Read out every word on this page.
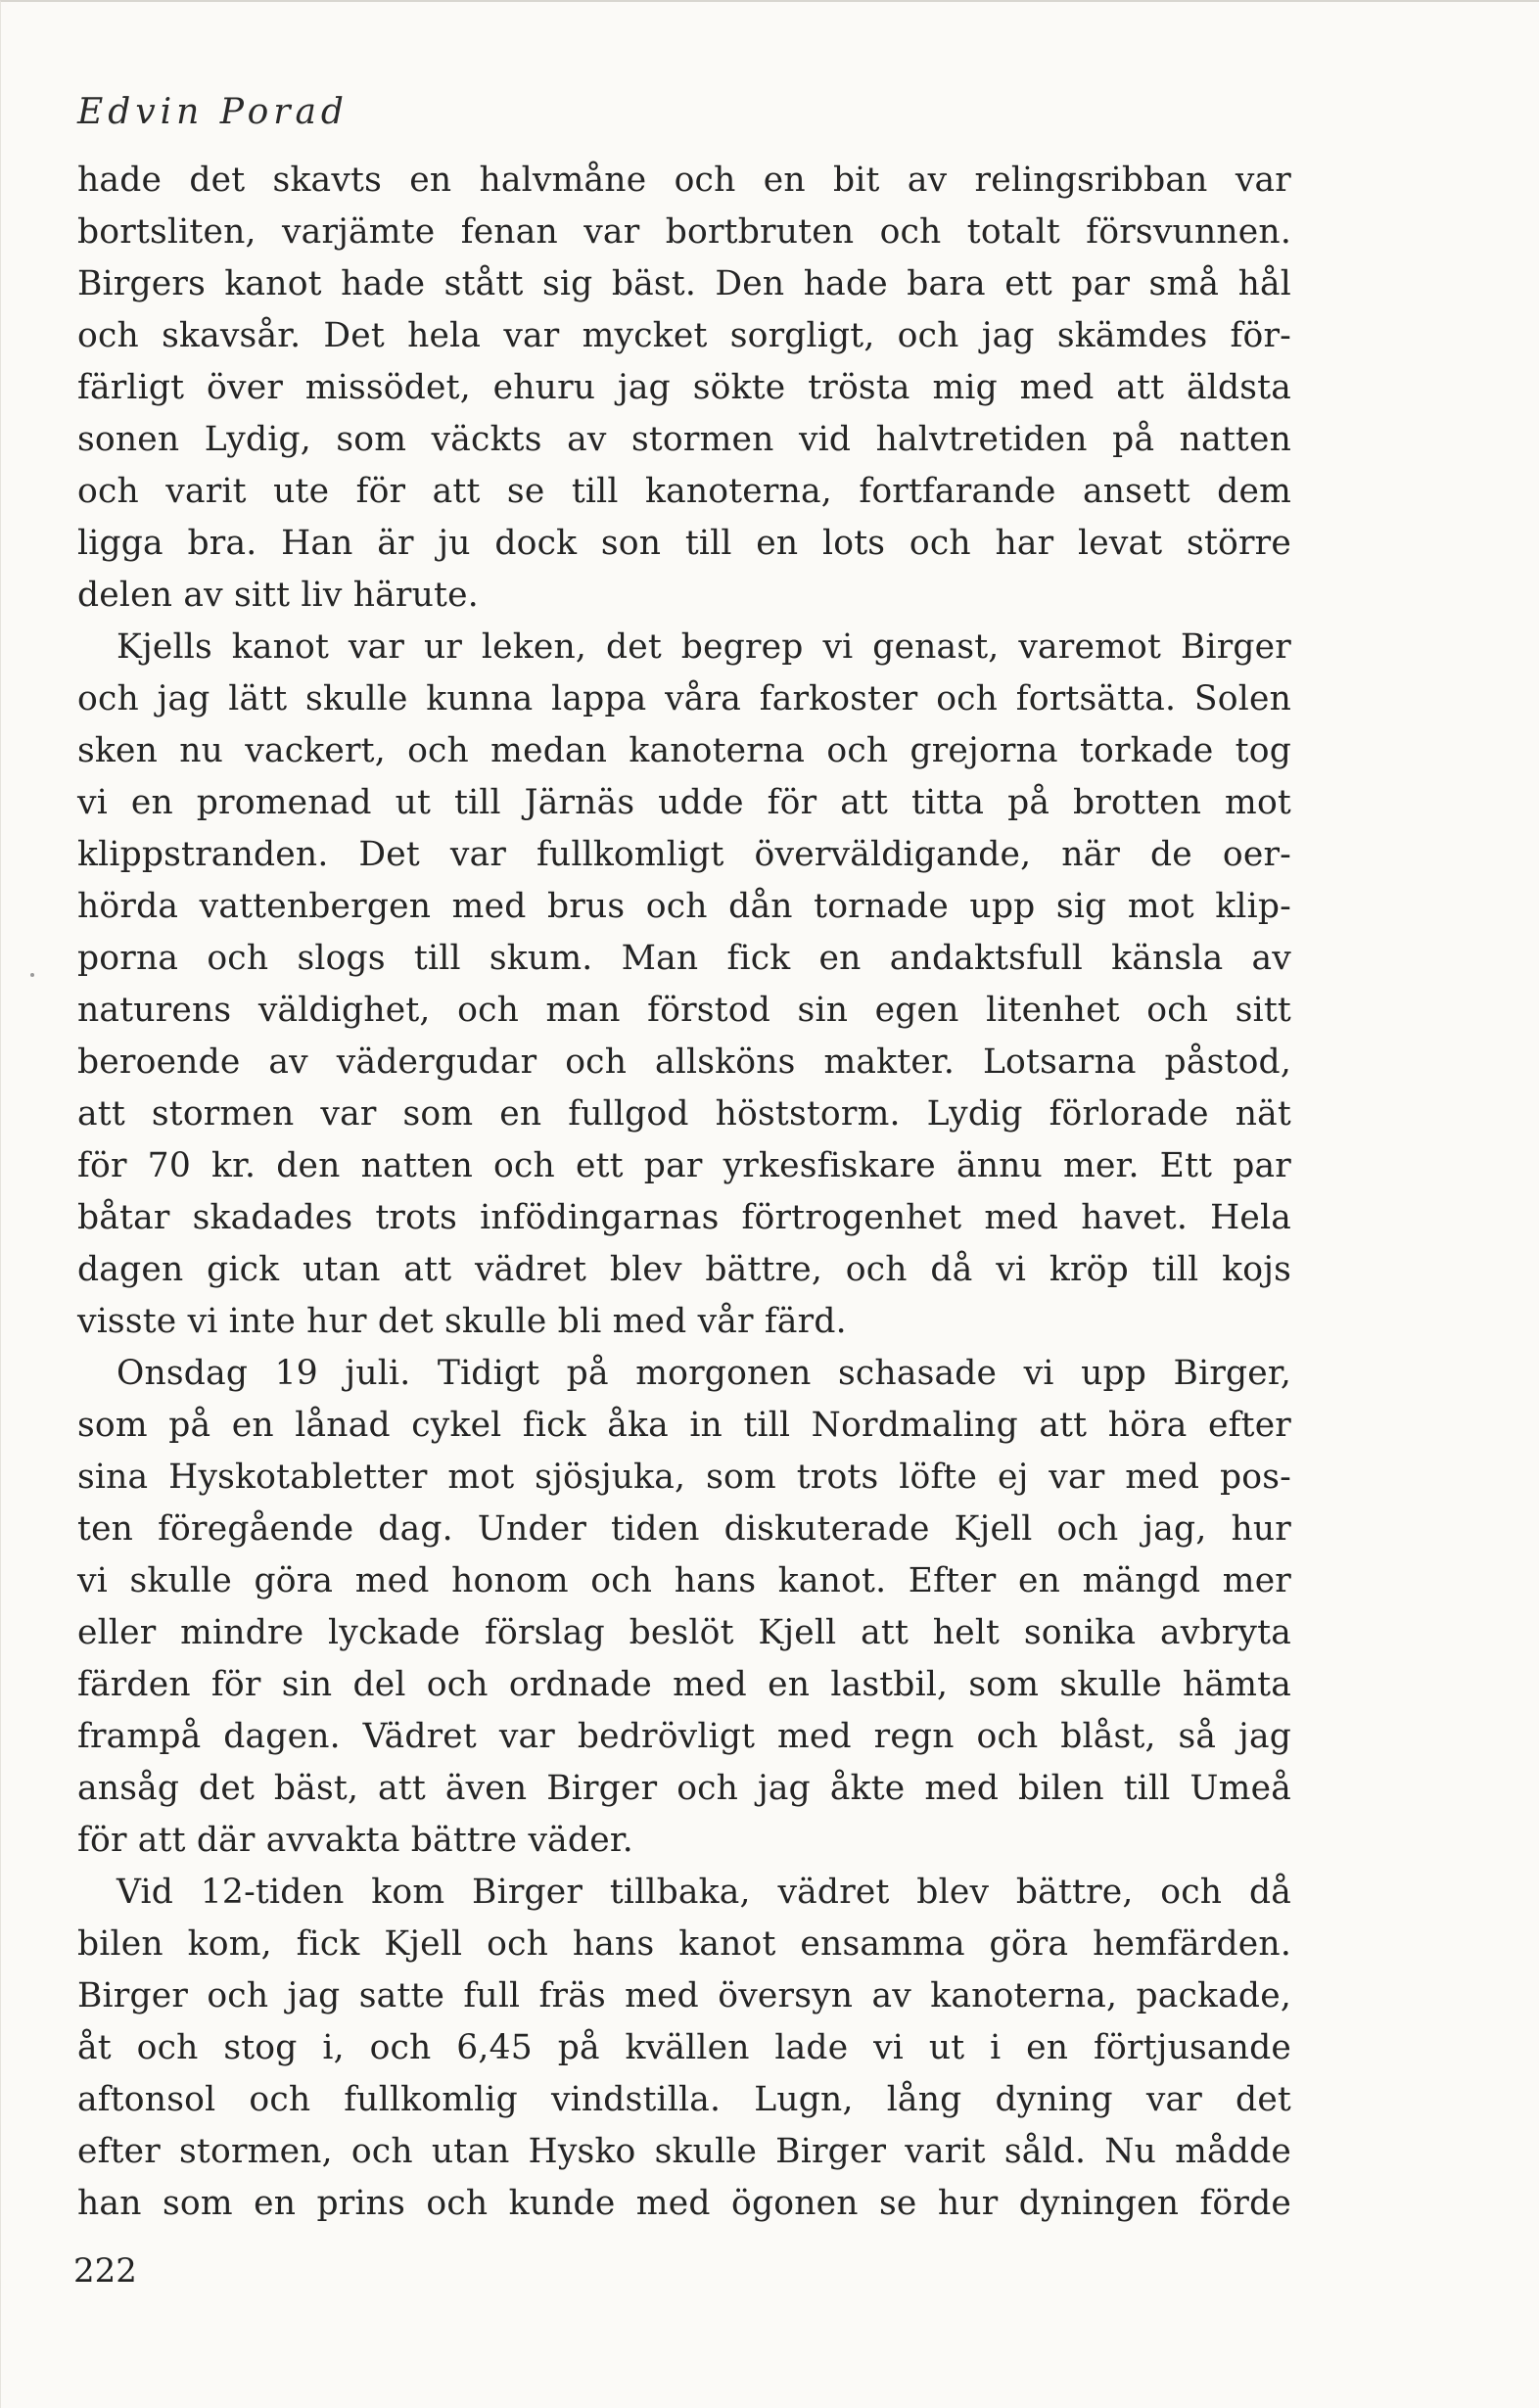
Edvin Porad
hade det skavts en halvmåne och en bit av relingsribban var
bortsliten, varjämte fenan var bortbruten och totalt försvunnen.
Birgers kanot hade stått sig bäst. Den hade bara ett par små hål
och skavsår. Det hela var mycket sorgligt, och jag skämdes för-
färligt över missödet, ehuru jag sökte trösta mig med att äldsta
sonen Lydig, som väckts av stormen vid halvtretiden på natten
och varit ute för att se till kanoterna, fortfarande ansett dem
ligga bra. Han är ju dock son till en lots och har levat större
delen av sitt liv härute.
Kjells kanot var ur leken, det begrep vi genast, varemot Birger
och jag lätt skulle kunna lappa våra farkoster och fortsätta. Solen
sken nu vackert, och medan kanoterna och grejorna torkade tog
vi en promenad ut till Järnäs udde för att titta på brotten mot
klippstranden. Det var fullkomligt överväldigande, när de oer-
hörda vattenbergen med brus och dån tornade upp sig mot klip-
porna och slogs till skum. Man fick en andaktsfull känsla av
naturens väldighet, och man förstod sin egen litenhet och sitt
beroende av vädergudar och allsköns makter. Lotsarna påstod,
att stormen var som en fullgod höststorm. Lydig förlorade nät
för 70 kr. den natten och ett par yrkesfiskare ännu mer. Ett par
båtar skadades trots infödingarnas förtrogenhet med havet. Hela
dagen gick utan att vädret blev bättre, och då vi kröp till kojs
visste vi inte hur det skulle bli med vår färd.
Onsdag 19 juli. Tidigt på morgonen schasade vi upp Birger,
som på en lånad cykel fick åka in till Nordmaling att höra efter
sina Hyskotabletter mot sjösjuka, som trots löfte ej var med pos-
ten föregående dag. Under tiden diskuterade Kjell och jag, hur
vi skulle göra med honom och hans kanot. Efter en mängd mer
eller mindre lyckade förslag beslöt Kjell att helt sonika avbryta
färden för sin del och ordnade med en lastbil, som skulle hämta
frampå dagen. Vädret var bedrövligt med regn och blåst, så jag
ansåg det bäst, att även Birger och jag åkte med bilen till Umeå
för att där avvakta bättre väder.
Vid 12-tiden kom Birger tillbaka, vädret blev bättre, och då
bilen kom, fick Kjell och hans kanot ensamma göra hemfärden.
Birger och jag satte full fräs med översyn av kanoterna, packade,
åt och stog i, och 6,45 på kvällen lade vi ut i en förtjusande
aftonsol och fullkomlig vindstilla. Lugn, lång dyning var det
efter stormen, och utan Hysko skulle Birger varit såld. Nu mådde
han som en prins och kunde med ögonen se hur dyningen förde
222
